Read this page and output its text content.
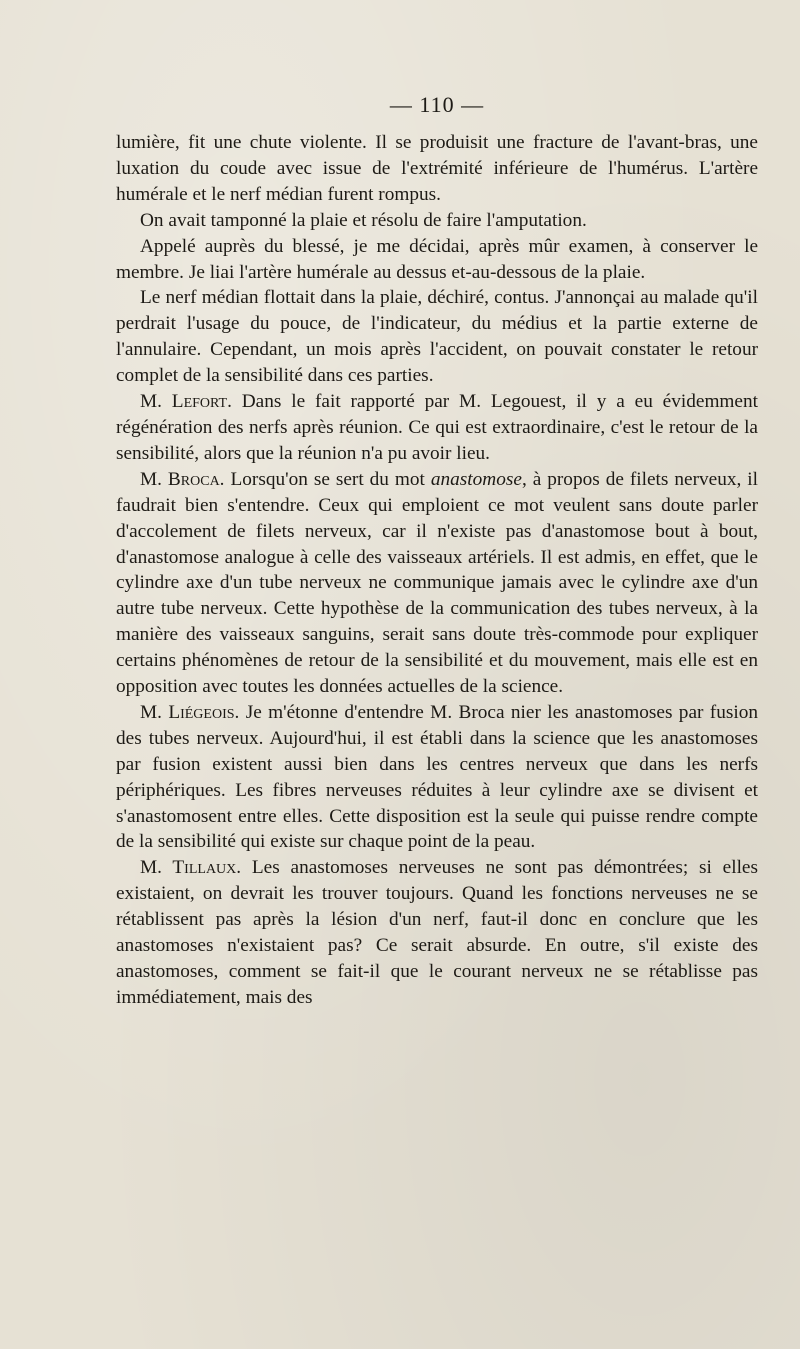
— 110 —

lumière, fit une chute violente. Il se produisit une fracture de l'avant-bras, une luxation du coude avec issue de l'extrémité inférieure de l'humérus. L'artère humérale et le nerf médian furent rompus.

On avait tamponné la plaie et résolu de faire l'amputation.

Appelé auprès du blessé, je me décidai, après mûr examen, à conserver le membre. Je liai l'artère humérale au dessus et-au-dessous de la plaie.

Le nerf médian flottait dans la plaie, déchiré, contus. J'annonçai au malade qu'il perdrait l'usage du pouce, de l'indicateur, du médius et la partie externe de l'annulaire. Cependant, un mois après l'accident, on pouvait constater le retour complet de la sensibilité dans ces parties.

M. Lefort. Dans le fait rapporté par M. Legouest, il y a eu évidemment régénération des nerfs après réunion. Ce qui est extraordinaire, c'est le retour de la sensibilité, alors que la réunion n'a pu avoir lieu.

M. Broca. Lorsqu'on se sert du mot anastomose, à propos de filets nerveux, il faudrait bien s'entendre. Ceux qui emploient ce mot veulent sans doute parler d'accolement de filets nerveux, car il n'existe pas d'anastomose bout à bout, d'anastomose analogue à celle des vaisseaux artériels. Il est admis, en effet, que le cylindre axe d'un tube nerveux ne communique jamais avec le cylindre axe d'un autre tube nerveux. Cette hypothèse de la communication des tubes nerveux, à la manière des vaisseaux sanguins, serait sans doute très-commode pour expliquer certains phénomènes de retour de la sensibilité et du mouvement, mais elle est en opposition avec toutes les données actuelles de la science.

M. Liégeois. Je m'étonne d'entendre M. Broca nier les anastomoses par fusion des tubes nerveux. Aujourd'hui, il est établi dans la science que les anastomoses par fusion existent aussi bien dans les centres nerveux que dans les nerfs périphériques. Les fibres nerveuses réduites à leur cylindre axe se divisent et s'anastomosent entre elles. Cette disposition est la seule qui puisse rendre compte de la sensibilité qui existe sur chaque point de la peau.

M. Tillaux. Les anastomoses nerveuses ne sont pas démontrées; si elles existaient, on devrait les trouver toujours. Quand les fonctions nerveuses ne se rétablissent pas après la lésion d'un nerf, faut-il donc en conclure que les anastomoses n'existaient pas? Ce serait absurde. En outre, s'il existe des anastomoses, comment se fait-il que le courant nerveux ne se rétablisse pas immédiatement, mais des
